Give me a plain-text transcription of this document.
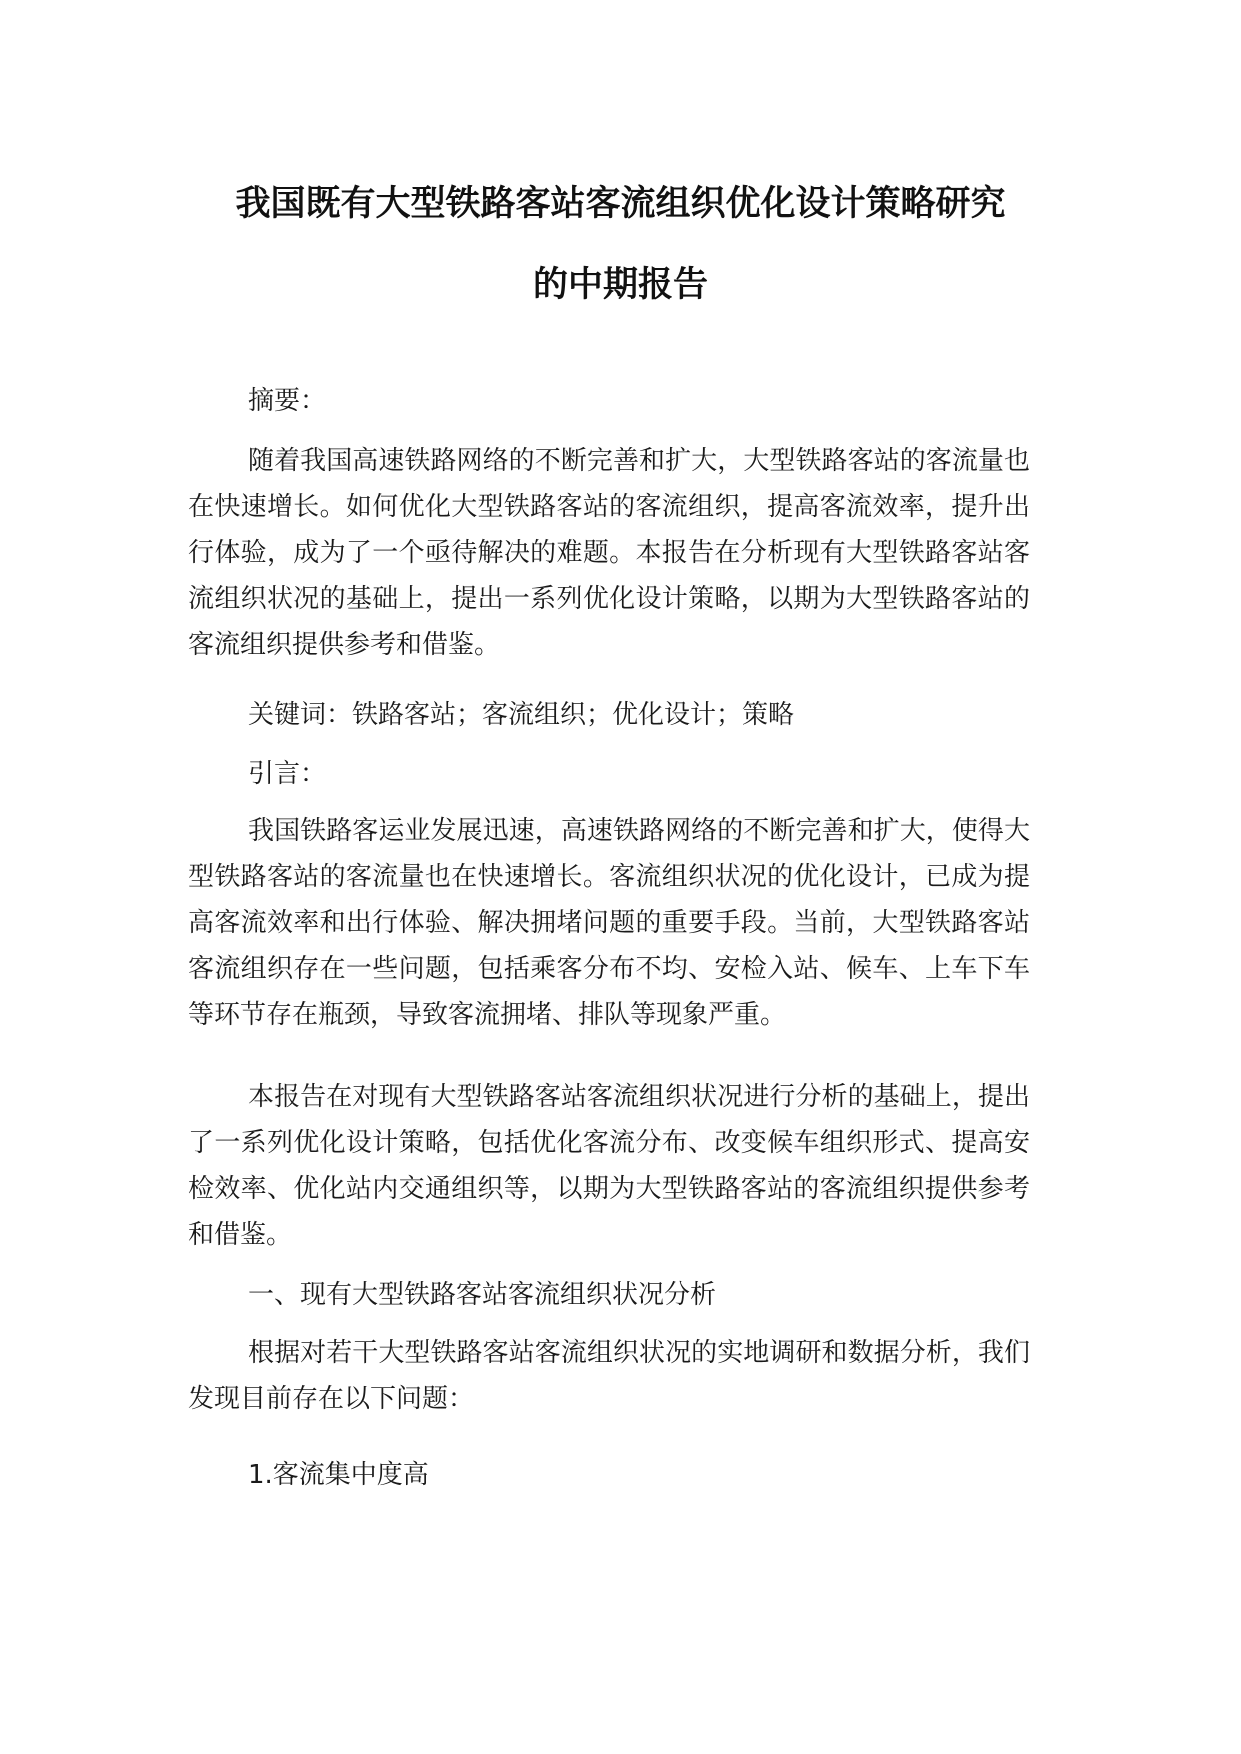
我国既有大型铁路客站客流组织优化设计策略研究
的中期报告
摘要：

随着我国高速铁路网络的不断完善和扩大，大型铁路客站的客流量也在快速增长。如何优化大型铁路客站的客流组织，提高客流效率，提升出行体验，成为了一个亟待解决的难题。本报告在分析现有大型铁路客站客流组织状况的基础上，提出一系列优化设计策略，以期为大型铁路客站的客流组织提供参考和借鉴。

关键词：铁路客站；客流组织；优化设计；策略
引言：

我国铁路客运业发展迅速，高速铁路网络的不断完善和扩大，使得大型铁路客站的客流量也在快速增长。客流组织状况的优化设计，已成为提高客流效率和出行体验、解决拥堵问题的重要手段。当前，大型铁路客站客流组织存在一些问题，包括乘客分布不均、安检入站、候车、上车下车等环节存在瓶颈，导致客流拥堵、排队等现象严重。

本报告在对现有大型铁路客站客流组织状况进行分析的基础上，提出了一系列优化设计策略，包括优化客流分布、改变候车组织形式、提高安检效率、优化站内交通组织等，以期为大型铁路客站的客流组织提供参考和借鉴。

一、现有大型铁路客站客流组织状况分析

根据对若干大型铁路客站客流组织状况的实地调研和数据分析，我们发现目前存在以下问题：

1.客流集中度高
